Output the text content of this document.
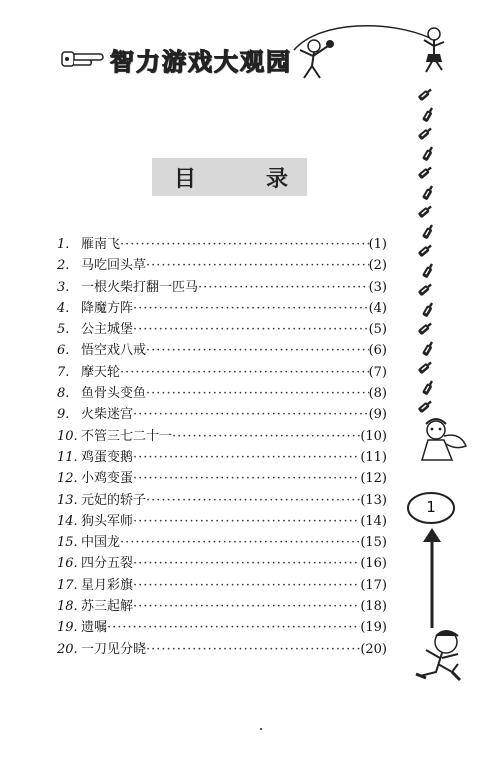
智力游戏大观园
目	录
1. 雁南飞 ·····	(1)
2. 马吃回头草 ·····	(2)
3. 一根火柴打翻一匹马 ·····	(3)
4. 降魔方阵 ·····	(4)
5. 公主城堡 ·····	(5)
6. 悟空戏八戒 ·····	(6)
7. 摩天轮 ·····	(7)
8. 鱼骨头变鱼 ·····	(8)
9. 火柴迷宫 ·····	(9)
10. 不管三七二十一 ·····	(10)
11. 鸡蛋变鹅 ·····	(11)
12. 小鸡变蛋 ·····	(12)
13. 元妃的轿子 ·····	(13)
14. 狗头军师 ·····	(14)
15. 中国龙 ·····	(15)
16. 四分五裂 ·····	(16)
17. 星月彩旗 ·····	(17)
18. 苏三起解 ·····	(18)
19. 遗嘱 ·····	(19)
20. 一刀见分晓 ·····	(20)
1
